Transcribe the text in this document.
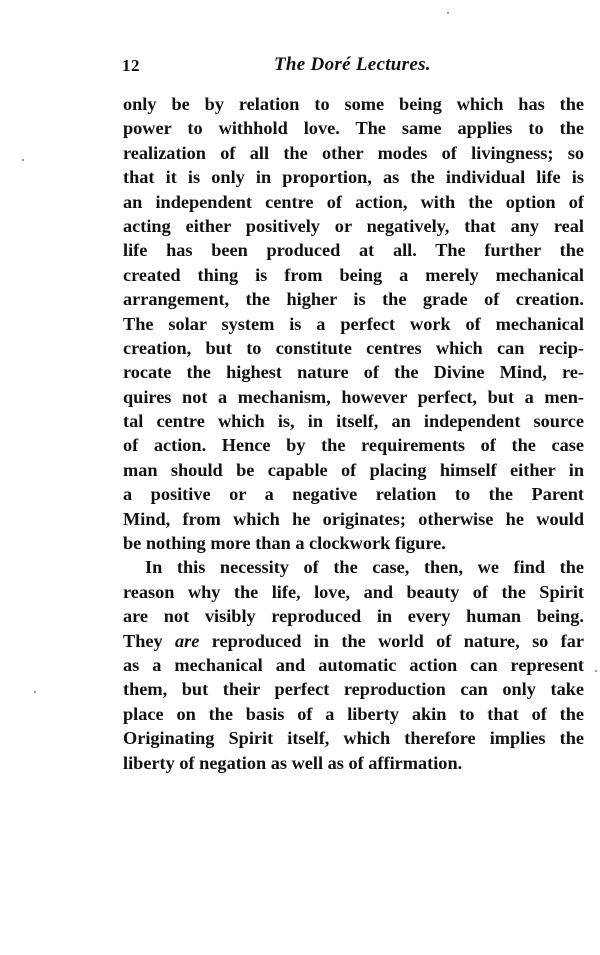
12	The Doré Lectures.
only be by relation to some being which has the
power to withhold love. The same applies to the
realization of all the other modes of livingness; so
that it is only in proportion, as the individual life is
an independent centre of action, with the option of
acting either positively or negatively, that any real
life has been produced at all. The further the
created thing is from being a merely mechanical
arrangement, the higher is the grade of creation.
The solar system is a perfect work of mechanical
creation, but to constitute centres which can recip-
rocate the highest nature of the Divine Mind, re-
quires not a mechanism, however perfect, but a men-
tal centre which is, in itself, an independent source
of action. Hence by the requirements of the case
man should be capable of placing himself either in
a positive or a negative relation to the Parent
Mind, from which he originates; otherwise he would
be nothing more than a clockwork figure.
In this necessity of the case, then, we find the
reason why the life, love, and beauty of the Spirit
are not visibly reproduced in every human being.
They are reproduced in the world of nature, so far
as a mechanical and automatic action can represent
them, but their perfect reproduction can only take
place on the basis of a liberty akin to that of the
Originating Spirit itself, which therefore implies the
liberty of negation as well as of affirmation.
